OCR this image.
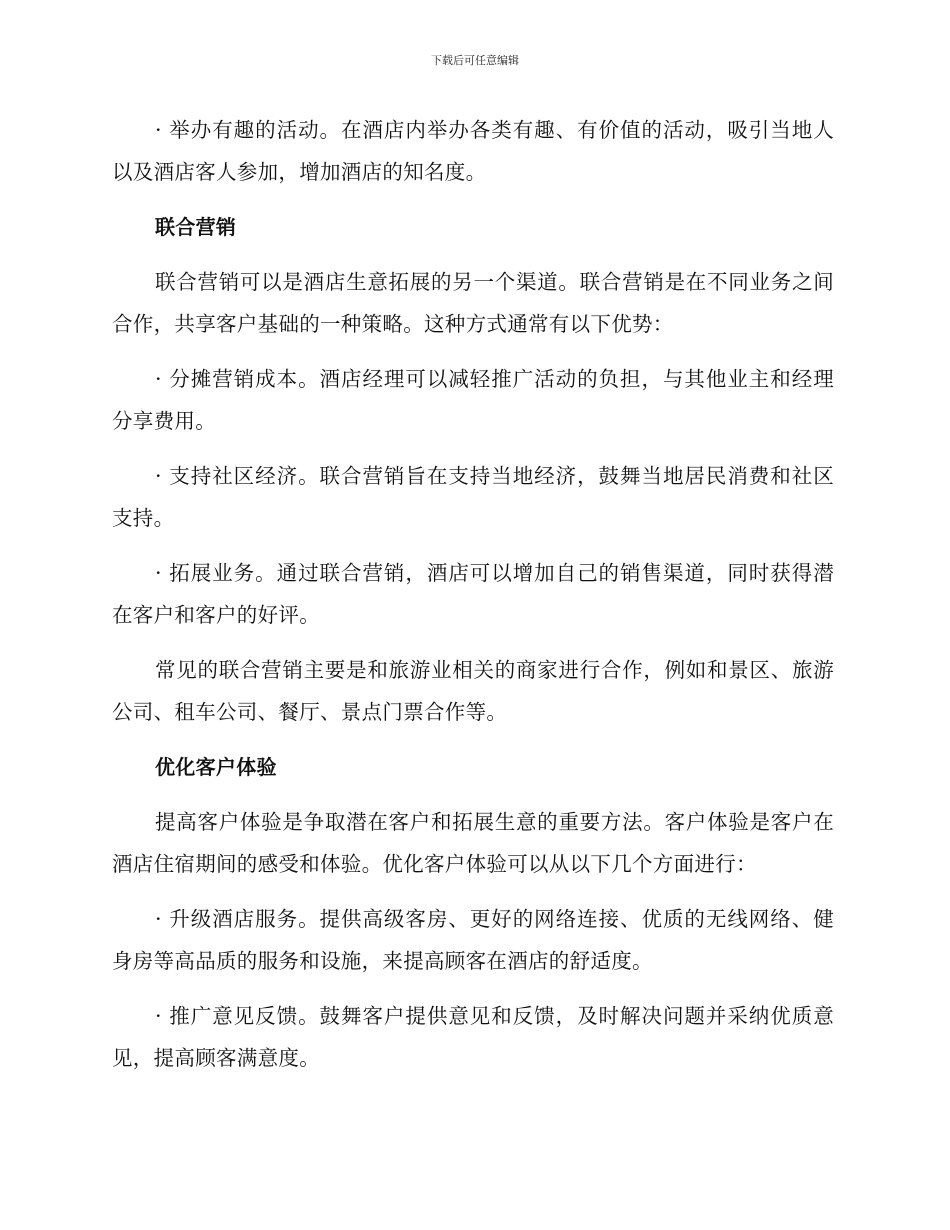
下载后可任意编辑

· 举办有趣的活动。在酒店内举办各类有趣、有价值的活动，吸引当地人以及酒店客人参加，增加酒店的知名度。

联合营销

联合营销可以是酒店生意拓展的另一个渠道。联合营销是在不同业务之间合作，共享客户基础的一种策略。这种方式通常有以下优势：

· 分摊营销成本。酒店经理可以减轻推广活动的负担，与其他业主和经理分享费用。

· 支持社区经济。联合营销旨在支持当地经济，鼓舞当地居民消费和社区支持。

· 拓展业务。通过联合营销，酒店可以增加自己的销售渠道，同时获得潜在客户和客户的好评。

常见的联合营销主要是和旅游业相关的商家进行合作，例如和景区、旅游公司、租车公司、餐厅、景点门票合作等。

优化客户体验

提高客户体验是争取潜在客户和拓展生意的重要方法。客户体验是客户在酒店住宿期间的感受和体验。优化客户体验可以从以下几个方面进行：

· 升级酒店服务。提供高级客房、更好的网络连接、优质的无线网络、健身房等高品质的服务和设施，来提高顾客在酒店的舒适度。

· 推广意见反馈。鼓舞客户提供意见和反馈，及时解决问题并采纳优质意见，提高顾客满意度。
